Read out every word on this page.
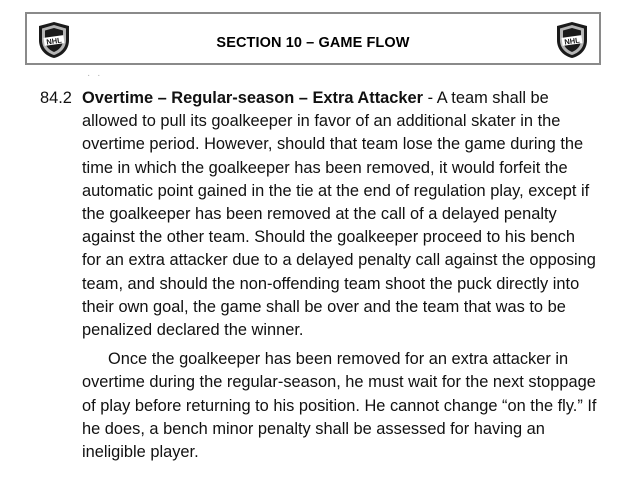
NHL	SECTION 10 – GAME FLOW	NHL
· ·
84.2 Overtime – Regular-season – Extra Attacker - A team shall be allowed to pull its goalkeeper in favor of an additional skater in the overtime period. However, should that team lose the game during the time in which the goalkeeper has been removed, it would forfeit the automatic point gained in the tie at the end of regulation play, except if the goalkeeper has been removed at the call of a delayed penalty against the other team. Should the goalkeeper proceed to his bench for an extra attacker due to a delayed penalty call against the opposing team, and should the non-offending team shoot the puck directly into their own goal, the game shall be over and the team that was to be penalized declared the winner.
Once the goalkeeper has been removed for an extra attacker in overtime during the regular-season, he must wait for the next stoppage of play before returning to his position. He cannot change “on the fly.” If he does, a bench minor penalty shall be assessed for having an ineligible player.
